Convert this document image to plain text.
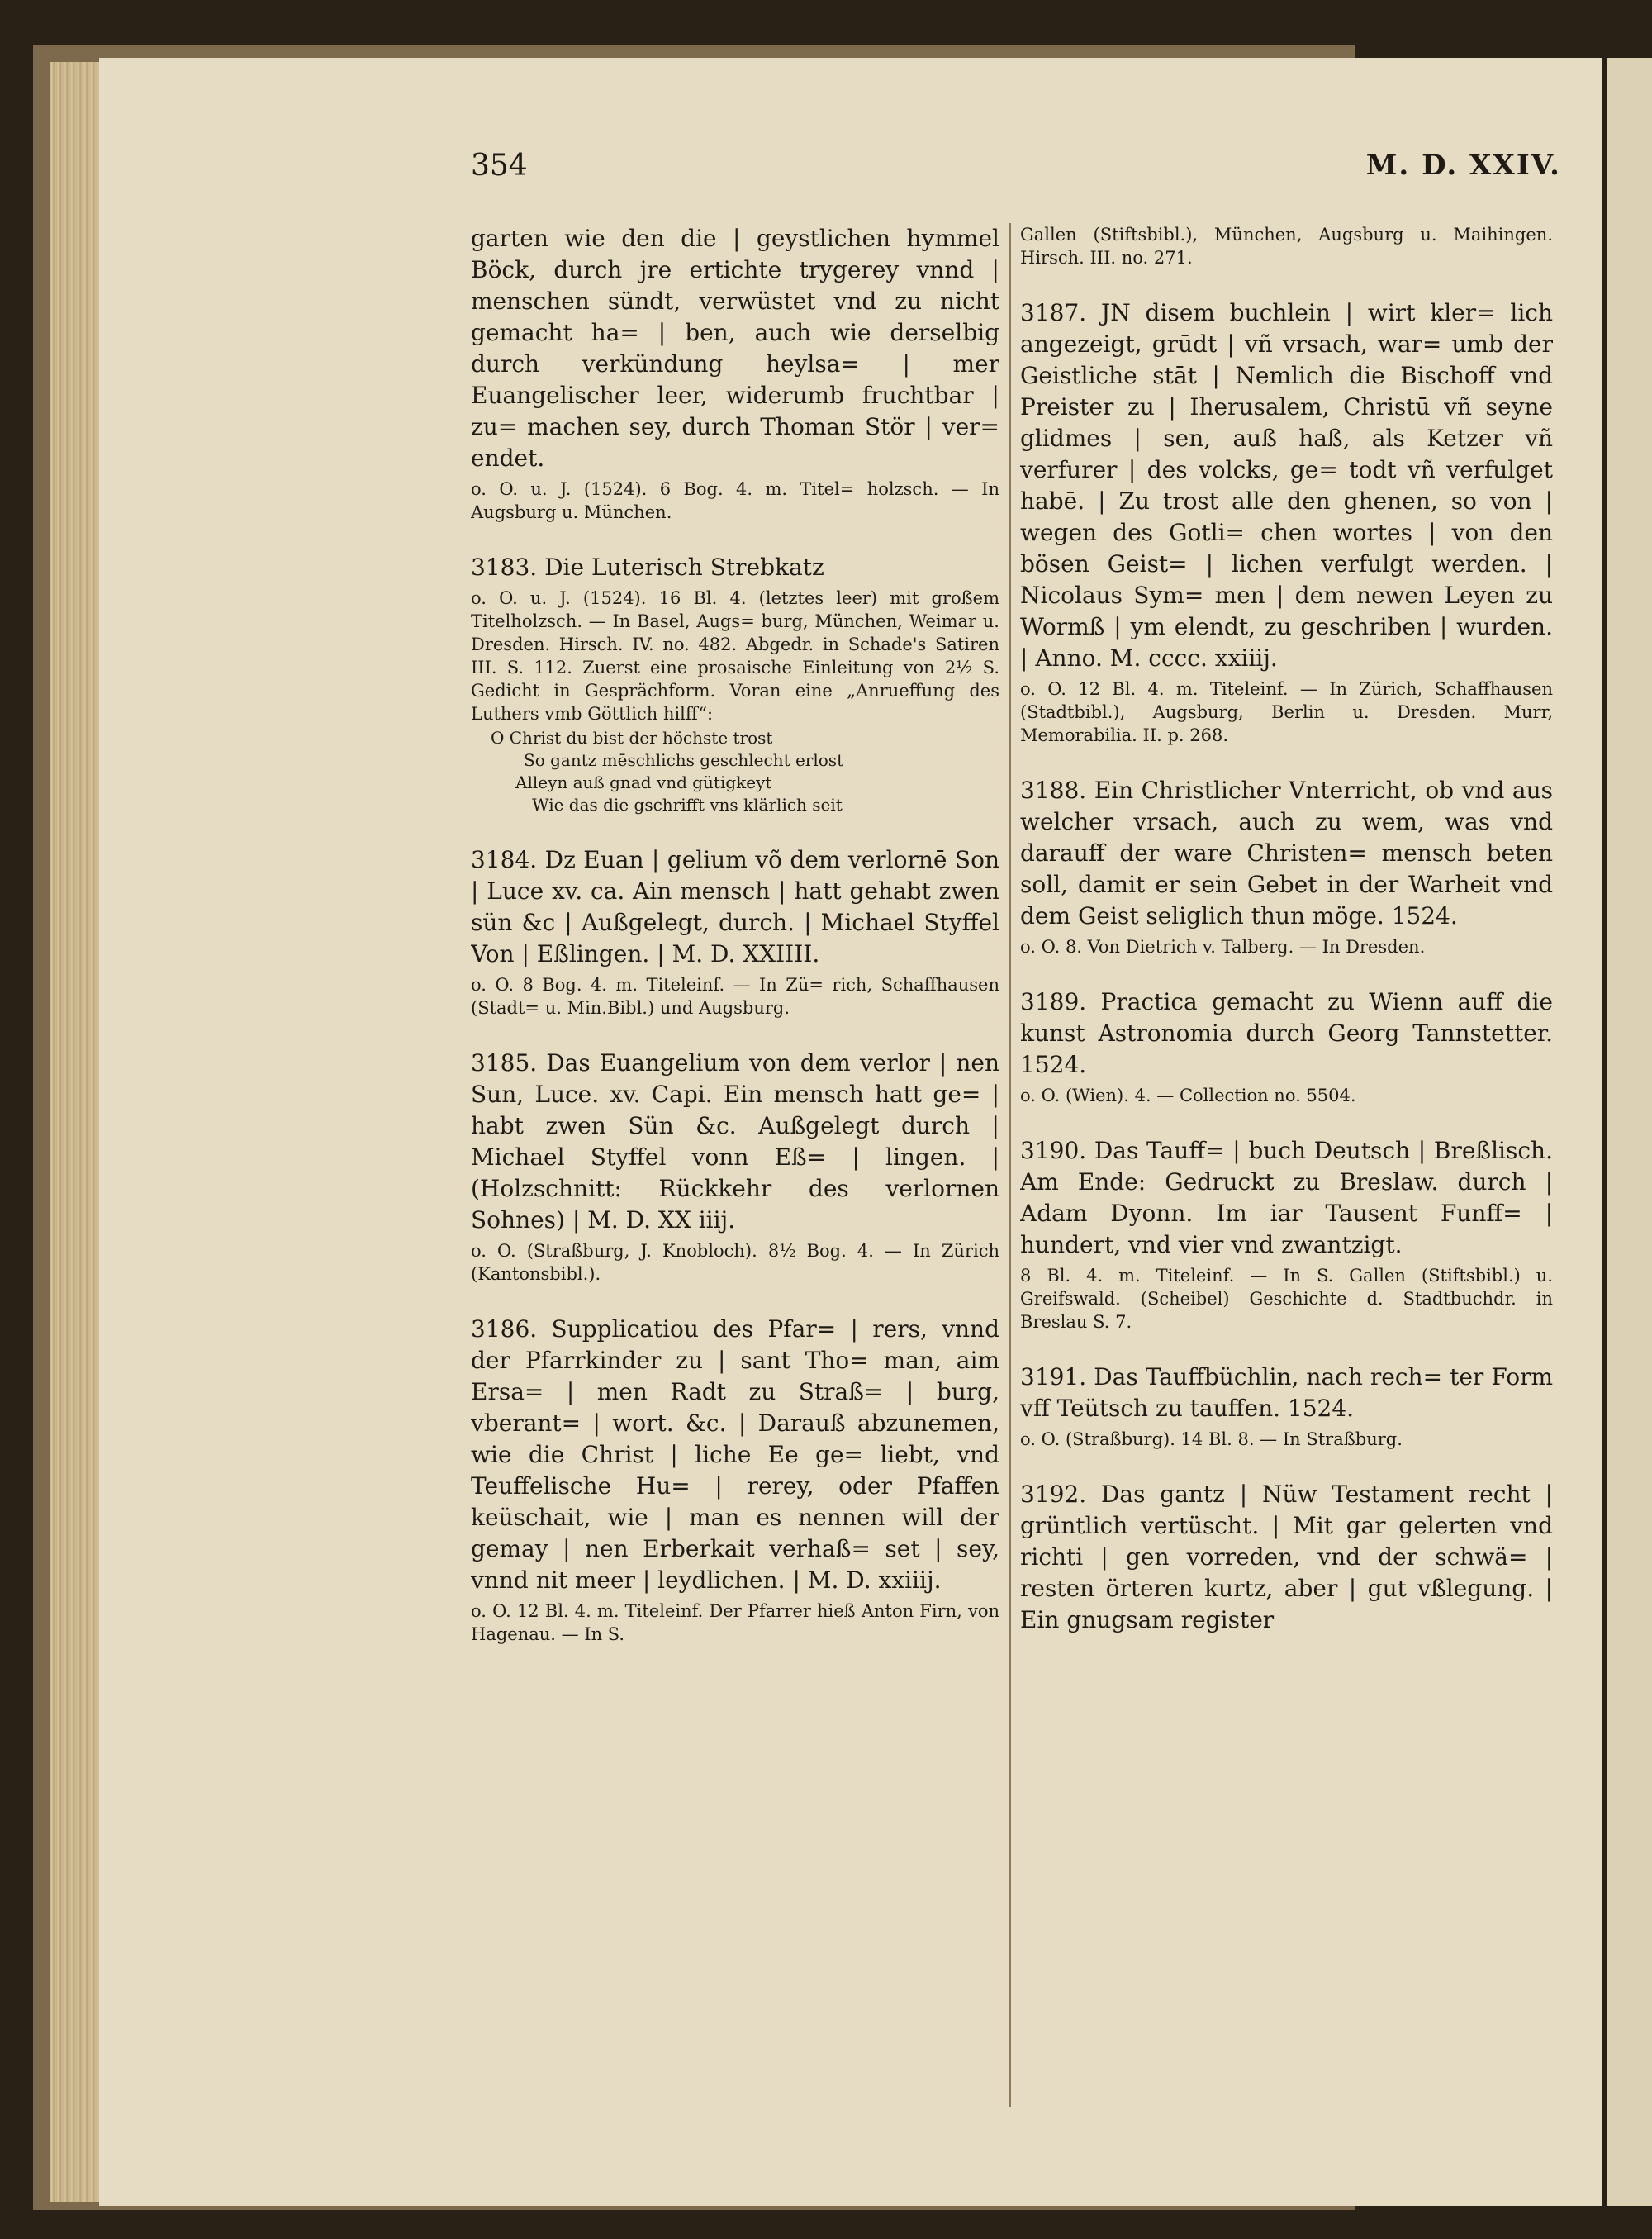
354	M. D. XXIV.

garten wie den die | geystlichen hymmel Böck, durch jre ertichte trygerey vnnd | menschen sündt, verwüstet vnd zu nicht gemacht ha= | ben, auch wie derselbig durch verkündung heylsa= | mer Euangelischer leer, widerumb fruchtbar | zu= machen sey, durch Thoman Stör | ver= endet.

o. O. u. J. (1524). 6 Bog. 4. m. Titel= holzsch. — In Augsburg u. München.

3183. Die Luterisch Strebkatz

o. O. u. J. (1524). 16 Bl. 4. (letztes leer) mit großem Titelholzsch. — In Basel, Augs= burg, München, Weimar u. Dresden. Hirsch. IV. no. 482. Abgedr. in Schade's Satiren III. S. 112. Zuerst eine prosaische Einleitung von 2½ S. Gedicht in Gesprächform. Voran eine „Anrueffung des Luthers vmb Göttlich hilff“:

O Christ du bist der höchste trost
So gantz mēschlichs geschlecht erlost
Alleyn auß gnad vnd gütigkeyt
Wie das die gschrifft vns klärlich seit

3184. Dz Euan | gelium võ dem verlornē Son | Luce xv. ca. Ain mensch | hatt gehabt zwen sün &c | Außgelegt, durch. | Michael Styffel Von | Eßlingen. | M. D. XXIIII.

o. O. 8 Bog. 4. m. Titeleinf. — In Zü= rich, Schaffhausen (Stadt= u. Min.Bibl.) und Augsburg.

3185. Das Euangelium von dem verlor | nen Sun, Luce. xv. Capi. Ein mensch hatt ge= | habt zwen Sün &c. Außgelegt durch | Michael Styffel vonn Eß= | lingen. | (Holzschnitt: Rückkehr des verlornen Sohnes) | M. D. XX iiij.

o. O. (Straßburg, J. Knobloch). 8½ Bog. 4. — In Zürich (Kantonsbibl.).

3186. Supplicatiou des Pfar= | rers, vnnd der Pfarrkinder zu | sant Tho= man, aim Ersa= | men Radt zu Straß= | burg, vberant= | wort. &c. | Darauß abzunemen, wie die Christ | liche Ee ge= liebt, vnd Teuffelische Hu= | rerey, oder Pfaffen keüschait, wie | man es nennen will der gemay | nen Erberkait verhaß= set | sey, vnnd nit meer | leydlichen. | M. D. xxiiij.

o. O. 12 Bl. 4. m. Titeleinf. Der Pfarrer hieß Anton Firn, von Hagenau. — In S.

Gallen (Stiftsbibl.), München, Augsburg u. Maihingen. Hirsch. III. no. 271.

3187. JN disem buchlein | wirt kler= lich angezeigt, grūdt | vñ vrsach, war= umb der Geistliche stāt | Nemlich die Bischoff vnd Preister zu | Iherusalem, Christū vñ seyne glidmes | sen, auß haß, als Ketzer vñ verfurer | des volcks, ge= todt vñ verfulget habē. | Zu trost alle den ghenen, so von | wegen des Gotli= chen wortes | von den bösen Geist= | lichen verfulgt werden. | Nicolaus Sym= men | dem newen Leyen zu Wormß | ym elendt, zu geschriben | wurden. | Anno. M. cccc. xxiiij.

o. O. 12 Bl. 4. m. Titeleinf. — In Zürich, Schaffhausen (Stadtbibl.), Augsburg, Berlin u. Dresden. Murr, Memorabilia. II. p. 268.

3188. Ein Christlicher Vnterricht, ob vnd aus welcher vrsach, auch zu wem, was vnd darauff der ware Christen= mensch beten soll, damit er sein Gebet in der Warheit vnd dem Geist seliglich thun möge. 1524.

o. O. 8. Von Dietrich v. Talberg. — In Dresden.

3189. Practica gemacht zu Wienn auff die kunst Astronomia durch Georg Tannstetter. 1524.

o. O. (Wien). 4. — Collection no. 5504.

3190. Das Tauff= | buch Deutsch | Breßlisch. Am Ende: Gedruckt zu Breslaw. durch | Adam Dyonn. Im iar Tausent Funff= | hundert, vnd vier vnd zwantzigt.

8 Bl. 4. m. Titeleinf. — In S. Gallen (Stiftsbibl.) u. Greifswald. (Scheibel) Geschichte d. Stadtbuchdr. in Breslau S. 7.

3191. Das Tauffbüchlin, nach rech= ter Form vff Teütsch zu tauffen. 1524.

o. O. (Straßburg). 14 Bl. 8. — In Straßburg.

3192. Das gantz | Nüw Testament recht | grüntlich vertüscht. | Mit gar gelerten vnd richti | gen vorreden, vnd der schwä= | resten örteren kurtz, aber | gut vßlegung. | Ein gnugsam register
